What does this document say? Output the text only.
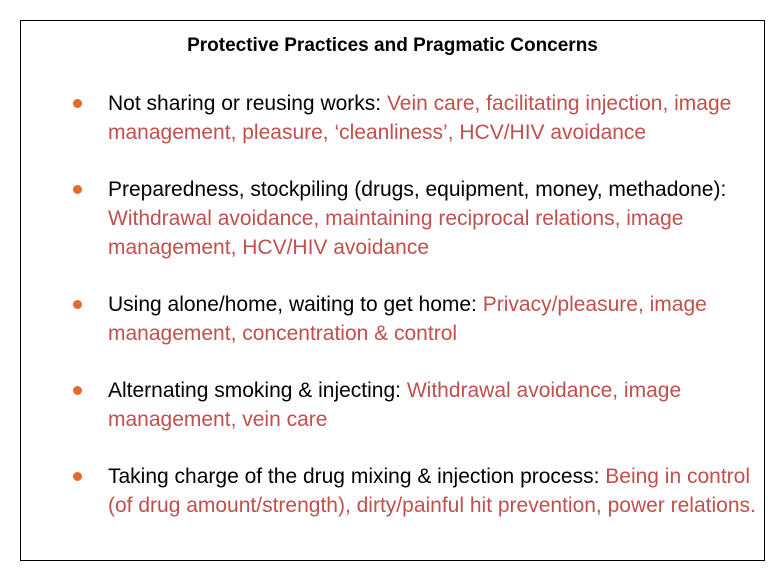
Protective Practices and Pragmatic Concerns
Not sharing or reusing works: Vein care, facilitating injection, image management, pleasure, ‘cleanliness’, HCV/HIV avoidance
Preparedness, stockpiling (drugs, equipment, money, methadone): Withdrawal avoidance, maintaining reciprocal relations, image management, HCV/HIV avoidance
Using alone/home, waiting to get home: Privacy/pleasure, image management, concentration & control
Alternating smoking & injecting: Withdrawal avoidance, image management, vein care
Taking charge of the drug mixing & injection process: Being in control (of drug amount/strength), dirty/painful hit prevention, power relations.
